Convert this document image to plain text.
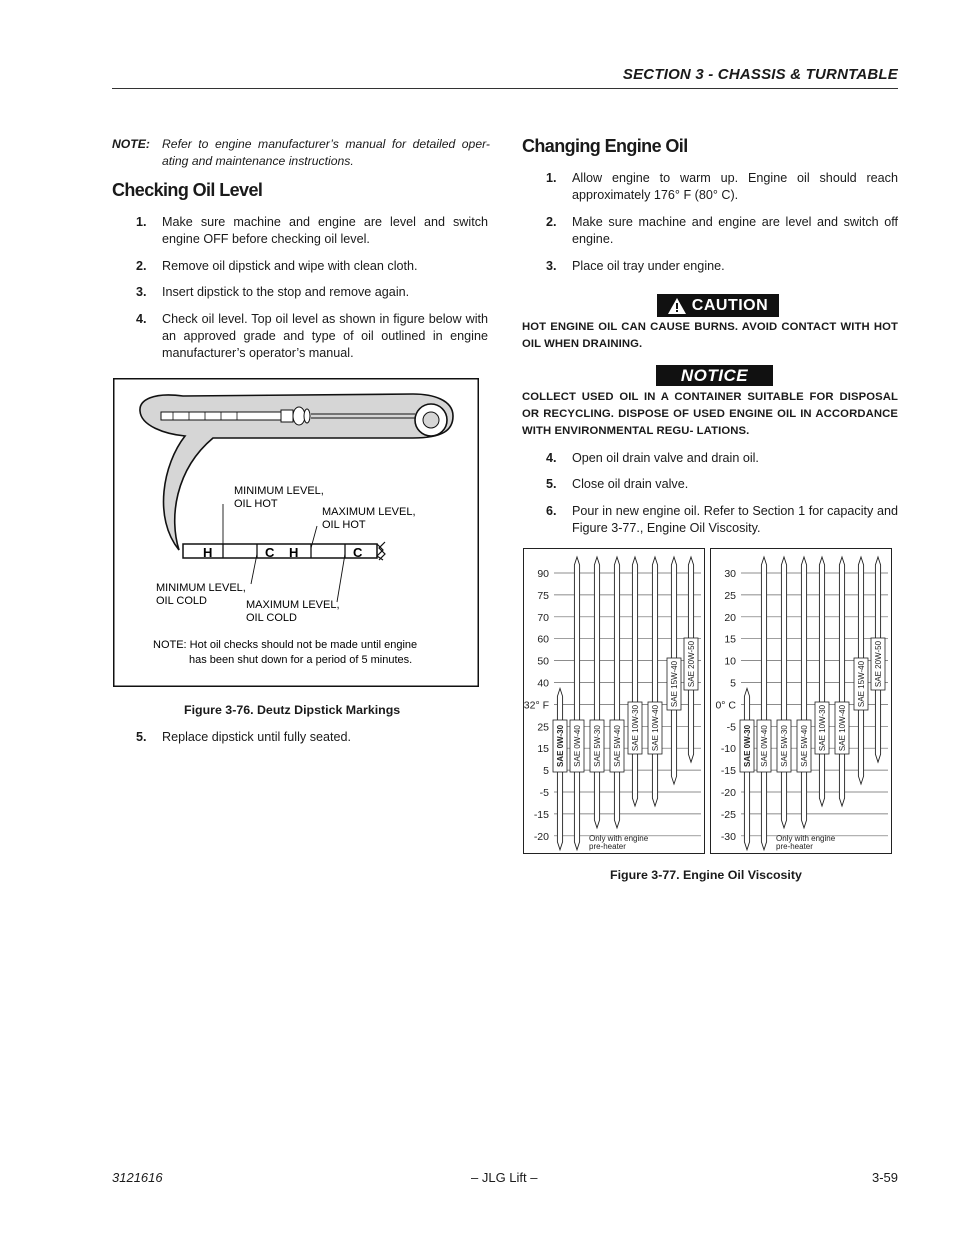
SECTION 3 - CHASSIS & TURNTABLE
NOTE: Refer to engine manufacturer’s manual for detailed oper- ating and maintenance instructions.
Checking Oil Level
1. Make sure machine and engine are level and switch engine OFF before checking oil level.
2. Remove oil dipstick and wipe with clean cloth.
3. Insert dipstick to the stop and remove again.
4. Check oil level. Top oil level as shown in figure below with an approved grade and type of oil outlined in engine manufacturer’s operator’s manual.
H	C H	C
MINIMUM LEVEL,
OIL HOT
MAXIMUM LEVEL,
OIL HOT
MINIMUM LEVEL,
OIL COLD	MAXIMUM LEVEL,
OIL COLD
NOTE: Hot oil checks should not be made until engine
has been shut down for a period of 5 minutes.
Figure 3-76. Deutz Dipstick Markings
5. Replace dipstick until fully seated.
Changing Engine Oil
1. Allow engine to warm up. Engine oil should reach approximately 176° F (80° C).
2. Make sure machine and engine are level and switch off engine.
3. Place oil tray under engine.
CAUTION
HOT ENGINE OIL CAN CAUSE BURNS. AVOID CONTACT WITH HOT OIL WHEN DRAINING.
NOTICE
COLLECT USED OIL IN A CONTAINER SUITABLE FOR DISPOSAL OR RECYCLING. DISPOSE OF USED ENGINE OIL IN ACCORDANCE WITH ENVIRONMENTAL REGU- LATIONS.
4. Open oil drain valve and drain oil.
5. Close oil drain valve.
6. Pour in new engine oil. Refer to Section 1 for capacity and Figure 3-77., Engine Oil Viscosity.
90
75
70
60
50
40
32° F
25
15
5
-5
-15
-20
SAE 0W-30 SAE 0W-40 SAE 5W-30 SAE 5W-40 SAE 10W-30 SAE 10W-40
SAE 15W-40 SAE 20W-50
Only with engine
pre-heater
30
25
20
15
10
5
0° C
-5
-10
-15
-20
-25
-30
SAE 0W-30 SAE 0W-40 SAE 5W-30 SAE 5W-40 SAE 10W-30 SAE 10W-40
SAE 15W-40 SAE 20W-50
Only with engine
pre-heater
Figure 3-77. Engine Oil Viscosity
3121616	– JLG Lift –	3-59
